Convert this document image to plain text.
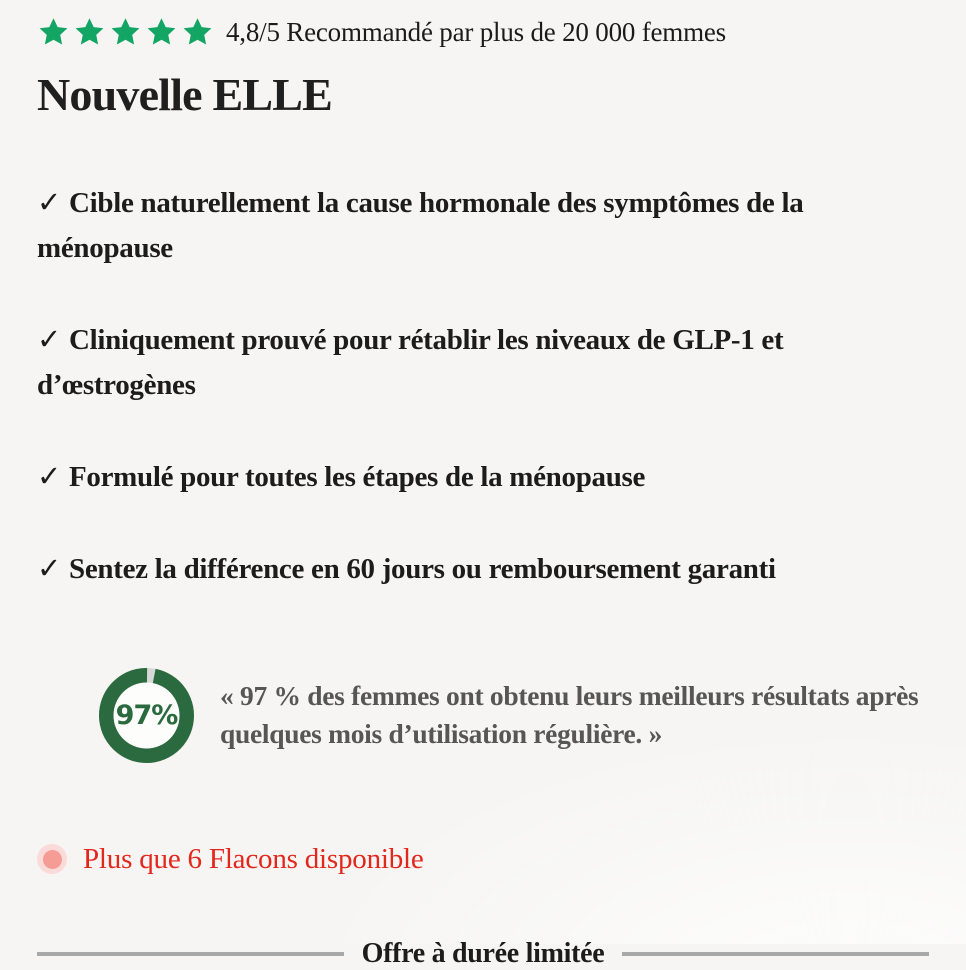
4,8/5 Recommandé par plus de 20 000 femmes
Nouvelle ELLE
✓ Cible naturellement la cause hormonale des symptômes de la ménopause
✓ Cliniquement prouvé pour rétablir les niveaux de GLP-1 et d’œstrogènes
✓ Formulé pour toutes les étapes de la ménopause
✓ Sentez la différence en 60 jours ou remboursement garanti
97%
« 97 % des femmes ont obtenu leurs meilleurs résultats après quelques mois d’utilisation régulière. »
Plus que 6 Flacons disponible
Offre à durée limitée
